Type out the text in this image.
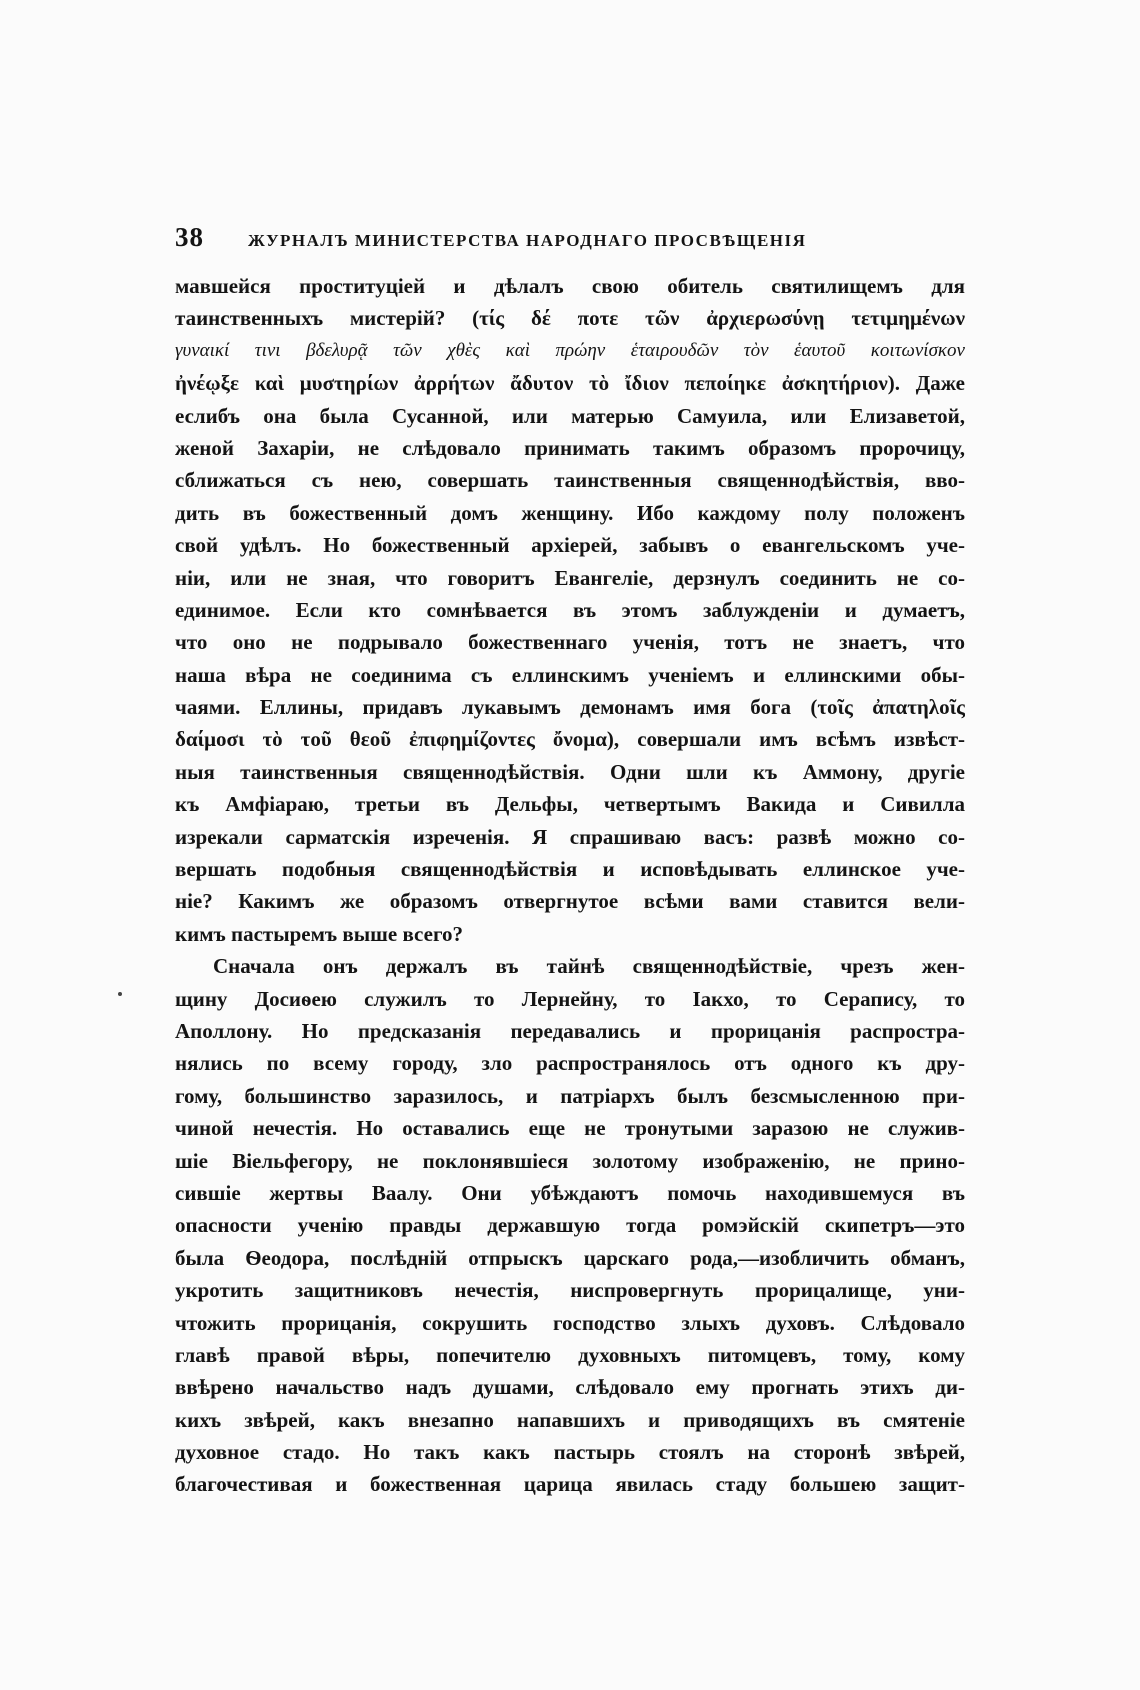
38	ЖУРНАЛЪ МИНИСТЕРСТВА НАРОДНАГО ПРОСВѢЩЕНІЯ
мавшейся проституціей и дѣлалъ свою обитель святилищемъ для
таинственныхъ мистерій? (τίς δέ ποτε τῶν ἀρχιερωσύνῃ τετιμημένων
γυναικί τινι βδελυρᾷ τῶν χθὲς καὶ πρώην ἑταιρουδῶν τὸν ἑαυτοῦ κοιτωνίσκον
ἠνέῳξε καὶ μυστηρίων ἀρρήτων ἄδυτον τὸ ἴδιον πεποίηκε ἀσκητήριον). Даже
еслибъ она была Сусанной, или матерью Самуила, или Елизаветой,
женой Захаріи, не слѣдовало принимать такимъ образомъ пророчицу,
сближаться съ нею, совершать таинственныя священнодѣйствія, вво-
дить въ божественный домъ женщину. Ибо каждому полу положенъ
свой удѣлъ. Но божественный архіерей, забывъ о евангельскомъ уче-
ніи, или не зная, что говоритъ Евангеліе, дерзнулъ соединить не со-
единимое. Если кто сомнѣвается въ этомъ заблужденіи и думаетъ,
что оно не подрывало божественнаго ученія, тотъ не знаетъ, что
наша вѣра не соединима съ еллинскимъ ученіемъ и еллинскими обы-
чаями. Еллины, придавъ лукавымъ демонамъ имя бога (τοῖς ἀπατηλοῖς
δαίμοσι τὸ τοῦ θεοῦ ἐπιφημίζοντες ὄνομα), совершали имъ всѣмъ извѣст-
ныя таинственныя священнодѣйствія. Одни шли къ Аммону, другіе
къ Амфіараю, третьи въ Дельфы, четвертымъ Вакида и Сивилла
изрекали сарматскія изреченія. Я спрашиваю васъ: развѣ можно со-
вершать подобныя священнодѣйствія и исповѣдывать еллинское уче-
ніе? Какимъ же образомъ отвергнутое всѣми вами ставится вели-
кимъ пастыремъ выше всего?
Сначала онъ держалъ въ тайнѣ священнодѣйствіе, чрезъ жен-
щину Досиѳею служилъ то Лернейну, то Іакхо, то Серапису, то
Аполлону. Но предсказанія передавались и прорицанія распростра-
нялись по всему городу, зло распространялось отъ одного къ дру-
гому, большинство заразилось, и патріархъ былъ безсмысленною при-
чиной нечестія. Но оставались еще не тронутыми заразою не служив-
шіе Віельфегору, не поклонявшіеся золотому изображенію, не прино-
сившіе жертвы Ваалу. Они убѣждаютъ помочь находившемуся въ
опасности ученію правды державшую тогда ромэйскій скипетръ—это
была Ѳеодора, послѣдній отпрыскъ царскаго рода,—изобличить обманъ,
укротить защитниковъ нечестія, ниспровергнуть прорицалище, уни-
чтожить прорицанія, сокрушить господство злыхъ духовъ. Слѣдовало
главѣ правой вѣры, попечителю духовныхъ питомцевъ, тому, кому
ввѣрено начальство надъ душами, слѣдовало ему прогнать этихъ ди-
кихъ звѣрей, какъ внезапно напавшихъ и приводящихъ въ смятеніе
духовное стадо. Но такъ какъ пастырь стоялъ на сторонѣ звѣрей,
благочестивая и божественная царица явилась стаду большею защит-
